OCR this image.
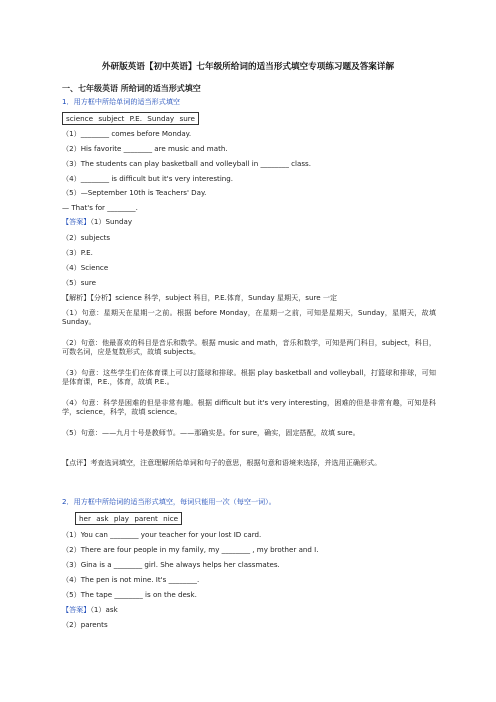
外研版英语【初中英语】七年级所给词的适当形式填空专项练习题及答案详解
一、七年级英语 所给词的适当形式填空
1．用方框中所给单词的适当形式填空
science subject P.E. Sunday sure
（1）________ comes before Monday.
（2）His favorite ________ are music and math.
（3）The students can play basketball and volleyball in ________ class.
（4）________ is difficult but it's very interesting.
（5）—September 10th is Teachers' Day.
— That's for ________.
【答案】（1）Sunday
（2）subjects
（3）P.E.
（4）Science
（5）sure
【解析】【分析】science 科学，subject 科目，P.E.体育，Sunday 星期天，sure 一定
（1）句意：星期天在星期一之前。根据 before Monday，在星期一之前，可知是星期天，Sunday，星期天，故填 Sunday。
（2）句意：他最喜欢的科目是音乐和数学。根据 music and math，音乐和数学，可知是两门科目，subject，科目，可数名词，应是复数形式，故填 subjects。
（3）句意：这些学生们在体育课上可以打篮球和排球。根据 play basketball and volleyball，打篮球和排球，可知是体育课，P.E.，体育，故填 P.E.。
（4）句意：科学是困难的但是非常有趣。根据 difficult but it's very interesting，困难的但是非常有趣，可知是科学，science，科学，故填 science。
（5）句意：——九月十号是教师节。——那确实是。for sure，确实，固定搭配，故填 sure。
【点评】考查选词填空，注意理解所给单词和句子的意思，根据句意和语境来选择，并选用正确形式。
2．用方框中所给词的适当形式填空，每词只能用一次（每空一词）。
her ask play parent nice
（1）You can ________ your teacher for your lost ID card.
（2）There are four people in my family, my ________ , my brother and I.
（3）Gina is a ________ girl. She always helps her classmates.
（4）The pen is not mine. It's ________.
（5）The tape ________ is on the desk.
【答案】（1）ask
（2）parents
